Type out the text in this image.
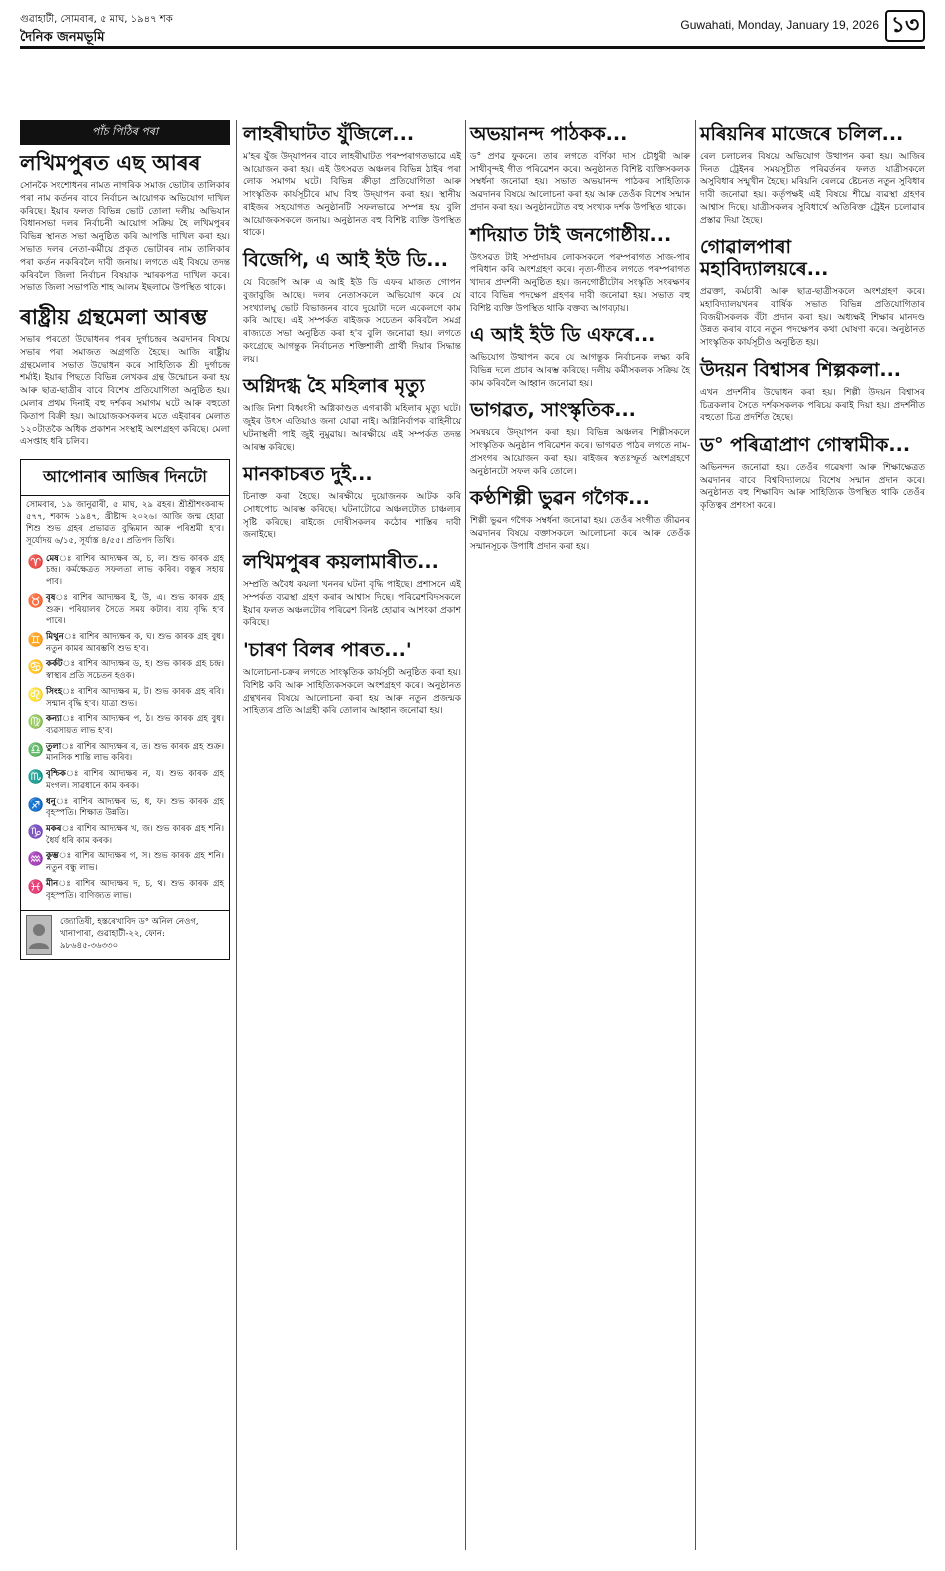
গুৱাহাটী, সোমবাৰ, ৫ মাঘ, ১৯৪৭ শক
দৈনিক জনমভূমি
Guwahati, Monday, January 19, 2026 ১৩
পাঁচ পিঠিৰ পৰা
লখিমপুৰত এছ আৰৰ
সোনকৈ সংশোধনৰ নামত নাগৰিক সমাজ ভোটাৰ তালিকাৰ পৰা নাম কৰ্তনৰ বাবে নিৰ্বাচন আয়োগক অভিযোগ দাখিল কৰিছে। ইয়াৰ ফলত বিভিন্ন ভোট তোলা দলীয় অভিযান বিধানসভা দলৰ নিৰ্বাচনী আয়োগ সক্ৰিয় হৈ লখিমপুৰৰ বিভিন্ন স্থানত সভা অনুষ্ঠিত কৰি আপত্তি দাখিল কৰা হয়। সভাত দলৰ নেতা-কৰ্মীয়ে প্ৰকৃত ভোটাৰৰ নাম তালিকাৰ পৰা কৰ্তন নকৰিবলৈ দাবী জনায়। লগতে এই বিষয়ে তদন্ত কৰিবলৈ জিলা নিৰ্বাচন বিষয়াক স্মাৰকপত্ৰ দাখিল কৰে। সভাত জিলা সভাপতি শাহ আলম ইছলামে উপস্থিত থাকে।
ৰাষ্ট্ৰীয় গ্ৰন্থমেলা আৰম্ভ
সভাৰ পৰতো উদ্বোধনৰ পৰৰ দুৰ্গাচন্দ্ৰৰ অৱদানৰ বিষয়ে সভাৰ পৰা সমাজত অগ্ৰগতি হৈছে। আজি ৰাষ্ট্ৰীয় গ্ৰন্থমেলাৰ সভাত উদ্বোধন কৰে সাহিত্যিক শ্ৰী দুৰ্গাচন্দ্ৰ শৰ্মাই। ইয়াৰ পিছতে বিভিন্ন লেখকৰ গ্ৰন্থ উন্মোচন কৰা হয় আৰু ছাত্ৰ-ছাত্ৰীৰ বাবে বিশেষ প্ৰতিযোগিতা অনুষ্ঠিত হয়। মেলাৰ প্ৰথম দিনাই বহু দৰ্শকৰ সমাগম ঘটে আৰু বহুতো কিতাপ বিক্ৰী হয়। আয়োজকসকলৰ মতে এইবাৰৰ মেলাত ১২০টাতকৈ অধিক প্ৰকাশন সংস্থাই অংশগ্ৰহণ কৰিছে। মেলা এসপ্তাহ ধৰি চলিব।
আপোনাৰ আজিৰ দিনটো
সোমবাৰ, ১৯ জানুৱাৰী, ৫ মাঘ, ২৯ ৱহৰ। শ্ৰীশ্ৰীশংকৰাব্দ ৫৭৭, শকাব্দ ১৯৪৭, খ্ৰীষ্টাব্দ ২০২৬। আজি জন্ম হোৱা শিশু শুভ গ্ৰহৰ প্ৰভাৱত বুদ্ধিমান আৰু পৰিশ্ৰমী হ'ব। সূৰ্যোদয় ৬/১৫, সূৰ্যাস্ত ৪/৫৫। প্ৰতিপদ তিথি।
♈ মেষঃ ৰাশিৰ আদ্যক্ষৰ অ, চ, ল। শুভ কাৰক গ্ৰহ চন্দ্ৰ। কৰ্মক্ষেত্ৰত সফলতা লাভ কৰিব। বন্ধুৰ সহায় পাব।
♉ বৃষঃ ৰাশিৰ আদ্যক্ষৰ ই, উ, এ। শুভ কাৰক গ্ৰহ শুক্ৰ। পৰিয়ালৰ সৈতে সময় কটাব। ব্যয় বৃদ্ধি হ'ব পাৰে।
♊ মিথুনঃ ৰাশিৰ আদ্যক্ষৰ ক, ঘ। শুভ কাৰক গ্ৰহ বুধ। নতুন কামৰ আৰম্ভণি শুভ হ'ব।
♋ কৰ্কটঃ ৰাশিৰ আদ্যক্ষৰ ড, হ। শুভ কাৰক গ্ৰহ চন্দ্ৰ। স্বাস্থ্যৰ প্ৰতি সচেতন হওক।
♌ সিংহঃ ৰাশিৰ আদ্যক্ষৰ ম, ট। শুভ কাৰক গ্ৰহ ৰবি। সন্মান বৃদ্ধি হ'ব। যাত্ৰা শুভ।
♍ কন্যাঃ ৰাশিৰ আদ্যক্ষৰ প, ঠ। শুভ কাৰক গ্ৰহ বুধ। ব্যৱসায়ত লাভ হ'ব।
♎ তুলাঃ ৰাশিৰ আদ্যক্ষৰ ৰ, ত। শুভ কাৰক গ্ৰহ শুক্ৰ। মানসিক শান্তি লাভ কৰিব।
♏ বৃশ্চিকঃ ৰাশিৰ আদ্যক্ষৰ ন, য। শুভ কাৰক গ্ৰহ মংগল। সাৱধানে কাম কৰক।
♐ ধনুঃ ৰাশিৰ আদ্যক্ষৰ ভ, ধ, ফ। শুভ কাৰক গ্ৰহ বৃহস্পতি। শিক্ষাত উন্নতি।
♑ মকৰঃ ৰাশিৰ আদ্যক্ষৰ খ, জ। শুভ কাৰক গ্ৰহ শনি। ধৈৰ্য ধৰি কাম কৰক।
♒ কুম্ভঃ ৰাশিৰ আদ্যক্ষৰ গ, স। শুভ কাৰক গ্ৰহ শনি। নতুন বন্ধু লাভ।
♓ মীনঃ ৰাশিৰ আদ্যক্ষৰ দ, চ, থ। শুভ কাৰক গ্ৰহ বৃহস্পতি। বাণিজ্যত লাভ।
জ্যোতিষী, হস্তৰেখাবিদ ড° অনিল নেওগ, খানাপাৰা, গুৱাহাটী-২২, ফোন: ৯৮৬৪৫-৩৬৩৩০
লাহৰীঘাটত যুঁজিলে...
ম'হৰ যুঁজ উদ্‌যাপনৰ বাবে লাহৰীঘাটত পৰম্পৰাগতভাৱে এই আয়োজন কৰা হয়। এই উৎসৱত অঞ্চলৰ বিভিন্ন ঠাইৰ পৰা লোক সমাগম ঘটে। বিভিন্ন ক্ৰীড়া প্ৰতিযোগিতা আৰু সাংস্কৃতিক কাৰ্যসূচীৰে মাঘ বিহু উদ্‌যাপন কৰা হয়। স্থানীয় ৰাইজৰ সহযোগত অনুষ্ঠানটি সফলভাৱে সম্পন্ন হয় বুলি আয়োজকসকলে জনায়। অনুষ্ঠানত বহু বিশিষ্ট ব্যক্তি উপস্থিত থাকে।
বিজেপি, এ আই ইউ ডি...
যে বিজেপি আৰু এ আই ইউ ডি এফৰ মাজত গোপন বুজাবুজি আছে। দলৰ নেতাসকলে অভিযোগ কৰে যে সংখ্যালঘু ভোট বিভাজনৰ বাবে দুয়োটা দলে একেলগে কাম কৰি আছে। এই সম্পৰ্কত ৰাইজক সচেতন কৰিবলৈ সমগ্ৰ ৰাজ্যতে সভা অনুষ্ঠিত কৰা হ'ব বুলি জনোৱা হয়। লগতে কংগ্ৰেছে আগন্তুক নিৰ্বাচনত শক্তিশালী প্ৰাৰ্থী দিয়াৰ সিদ্ধান্ত লয়।
অগ্নিদগ্ধ হৈ মহিলাৰ মৃত্যু
আজি নিশা বিধ্বংসী অগ্নিকাণ্ডত এগৰাকী মহিলাৰ মৃত্যু ঘটে। জুইৰ উৎস এতিয়াও জনা যোৱা নাই। অগ্নিনিৰ্বাপক বাহিনীয়ে ঘটনাস্থলী পাই জুই নুমুৱায়। আৰক্ষীয়ে এই সম্পৰ্কত তদন্ত আৰম্ভ কৰিছে।
মানকাচৰত দুই...
চিনাক্ত কৰা হৈছে। আৰক্ষীয়ে দুয়োজনক আটক কৰি সোধপোচ আৰম্ভ কৰিছে। ঘটনাটোৱে অঞ্চলটোত চাঞ্চল্যৰ সৃষ্টি কৰিছে। ৰাইজে দোষীসকলৰ কঠোৰ শাস্তিৰ দাবী জনাইছে।
লখিমপুৰৰ কয়লামাৰীত...
সম্প্ৰতি অবৈধ কয়লা খননৰ ঘটনা বৃদ্ধি পাইছে। প্ৰশাসনে এই সম্পৰ্কত ব্যৱস্থা গ্ৰহণ কৰাৰ আশ্বাস দিছে। পৰিৱেশবিদসকলে ইয়াৰ ফলত অঞ্চলটোৰ পৰিৱেশ বিনষ্ট হোৱাৰ আশংকা প্ৰকাশ কৰিছে।
'চাৰণ বিলৰ পাৰত...'
আলোচনা-চক্ৰৰ লগতে সাংস্কৃতিক কাৰ্যসূচী অনুষ্ঠিত কৰা হয়। বিশিষ্ট কবি আৰু সাহিত্যিকসকলে অংশগ্ৰহণ কৰে। অনুষ্ঠানত গ্ৰন্থখনৰ বিষয়ে আলোচনা কৰা হয় আৰু নতুন প্ৰজন্মক সাহিত্যৰ প্ৰতি আগ্ৰহী কৰি তোলাৰ আহ্বান জনোৱা হয়।
অভয়ানন্দ পাঠকক...
ড° প্ৰণৱ ফুকনে। তাৰ লগতে বৰ্ণিকা দাস চৌধুৰী আৰু সাথীবৃন্দই গীত পৰিৱেশন কৰে। অনুষ্ঠানত বিশিষ্ট ব্যক্তিসকলক সম্বৰ্ধনা জনোৱা হয়। সভাত অভয়ানন্দ পাঠকৰ সাহিত্যিক অৱদানৰ বিষয়ে আলোচনা কৰা হয় আৰু তেওঁক বিশেষ সন্মান প্ৰদান কৰা হয়। অনুষ্ঠানটোত বহু সংখ্যক দৰ্শক উপস্থিত থাকে।
শদিয়াত টাই জনগোষ্ঠীয়...
উৎসৱত টাই সম্প্ৰদায়ৰ লোকসকলে পৰম্পৰাগত সাজ-পাৰ পৰিধান কৰি অংশগ্ৰহণ কৰে। নৃত্য-গীতৰ লগতে পৰম্পৰাগত খাদ্যৰ প্ৰদৰ্শনী অনুষ্ঠিত হয়। জনগোষ্ঠীটোৰ সংস্কৃতি সংৰক্ষণৰ বাবে বিভিন্ন পদক্ষেপ গ্ৰহণৰ দাবী জনোৱা হয়। সভাত বহু বিশিষ্ট ব্যক্তি উপস্থিত থাকি বক্তব্য আগবঢ়ায়।
এ আই ইউ ডি এফৰে...
অভিযোগ উত্থাপন কৰে যে আগন্তুক নিৰ্বাচনক লক্ষ্য কৰি বিভিন্ন দলে প্ৰচাৰ আৰম্ভ কৰিছে। দলীয় কৰ্মীসকলক সক্ৰিয় হৈ কাম কৰিবলৈ আহ্বান জনোৱা হয়।
ভাগৱত, সাংস্কৃতিক...
সমন্বয়ৰে উদ্‌যাপন কৰা হয়। বিভিন্ন অঞ্চলৰ শিল্পীসকলে সাংস্কৃতিক অনুষ্ঠান পৰিৱেশন কৰে। ভাগৱত পাঠৰ লগতে নাম-প্ৰসংগৰ আয়োজন কৰা হয়। ৰাইজৰ স্বতঃস্ফূৰ্ত অংশগ্ৰহণে অনুষ্ঠানটো সফল কৰি তোলে।
কণ্ঠশিল্পী ভুৱন গগৈক...
শিল্পী ভুৱন গগৈক সম্বৰ্ধনা জনোৱা হয়। তেওঁৰ সংগীত জীৱনৰ অৱদানৰ বিষয়ে বক্তাসকলে আলোচনা কৰে আৰু তেওঁক সন্মানসূচক উপাধি প্ৰদান কৰা হয়।
মৰিয়নিৰ মাজেৰে চলিল...
ৰেল চলাচলৰ বিষয়ে অভিযোগ উত্থাপন কৰা হয়। আজিৰ দিনত ট্ৰেইনৰ সময়সূচীত পৰিৱৰ্তনৰ ফলত যাত্ৰীসকলে অসুবিধাৰ সন্মুখীন হৈছে। মৰিয়নি ৰেলৱে ষ্টেচনত নতুন সুবিধাৰ দাবী জনোৱা হয়। কৰ্তৃপক্ষই এই বিষয়ে শীঘ্ৰে ব্যৱস্থা গ্ৰহণৰ আশ্বাস দিছে। যাত্ৰীসকলৰ সুবিধাৰ্থে অতিৰিক্ত ট্ৰেইন চলোৱাৰ প্ৰস্তাৱ দিয়া হৈছে।
গোৱালপাৰা মহাবিদ্যালয়ৰে...
প্ৰৱক্তা, কৰ্মচাৰী আৰু ছাত্ৰ-ছাত্ৰীসকলে অংশগ্ৰহণ কৰে। মহাবিদ্যালয়খনৰ বাৰ্ষিক সভাত বিভিন্ন প্ৰতিযোগিতাৰ বিজয়ীসকলক বঁটা প্ৰদান কৰা হয়। অধ্যক্ষই শিক্ষাৰ মানদণ্ড উন্নত কৰাৰ বাবে নতুন পদক্ষেপৰ কথা ঘোষণা কৰে। অনুষ্ঠানত সাংস্কৃতিক কাৰ্যসূচীও অনুষ্ঠিত হয়।
উদয়ন বিশ্বাসৰ শিল্পকলা...
এখন প্ৰদৰ্শনীৰ উদ্বোধন কৰা হয়। শিল্পী উদয়ন বিশ্বাসৰ চিত্ৰকলাৰ সৈতে দৰ্শকসকলক পৰিচয় কৰাই দিয়া হয়। প্ৰদৰ্শনীত বহুতো চিত্ৰ প্ৰদৰ্শিত হৈছে।
ড° পৰিত্ৰাপ্ৰাণ গোস্বামীক...
অভিনন্দন জনোৱা হয়। তেওঁৰ গৱেষণা আৰু শিক্ষাক্ষেত্ৰত অৱদানৰ বাবে বিশ্ববিদ্যালয়ে বিশেষ সন্মান প্ৰদান কৰে। অনুষ্ঠানত বহু শিক্ষাবিদ আৰু সাহিত্যিক উপস্থিত থাকি তেওঁৰ কৃতিত্বৰ প্ৰশংসা কৰে।
